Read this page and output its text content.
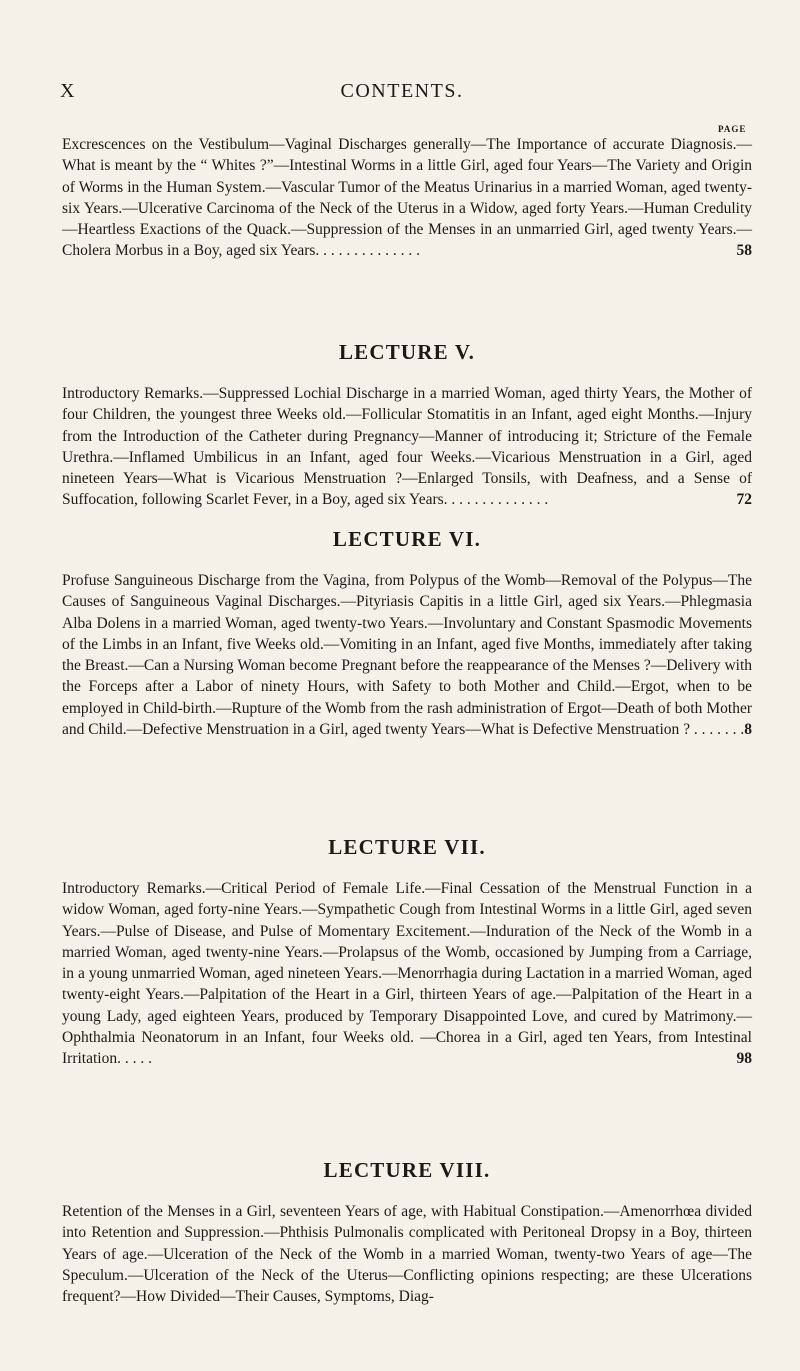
X	CONTENTS.
PAGE

Excrescences on the Vestibulum—Vaginal Discharges generally—The Importance of accurate Diagnosis.—What is meant by the “ Whites ?”—Intestinal Worms in a little Girl, aged four Years—The Variety and Origin of Worms in the Human System.—Vascular Tumor of the Meatus Urinarius in a married Woman, aged twenty-six Years.—Ulcerative Carcinoma of the Neck of the Uterus in a Widow, aged forty Years.—Human Credulity—Heartless Exactions of the Quack.—Suppression of the Menses in an unmarried Girl, aged twenty Years.—Cholera Morbus in a Boy, aged six Years. . . . . . . . . . . . . .	58

LECTURE V.

Introductory Remarks.—Suppressed Lochial Discharge in a married Woman, aged thirty Years, the Mother of four Children, the youngest three Weeks old.—Follicular Stomatitis in an Infant, aged eight Months.—Injury from the Introduction of the Catheter during Pregnancy—Manner of introducing it; Stricture of the Female Urethra.—Inflamed Umbilicus in an Infant, aged four Weeks.—Vicarious Menstruation in a Girl, aged nineteen Years—What is Vicarious Menstruation ?—Enlarged Tonsils, with Deafness, and a Sense of Suffocation, following Scarlet Fever, in a Boy, aged six Years. . . . . . . . . . . . . .	72

LECTURE VI.

Profuse Sanguineous Discharge from the Vagina, from Polypus of the Womb—Removal of the Polypus—The Causes of Sanguineous Vaginal Discharges.—Pityriasis Capitis in a little Girl, aged six Years.—Phlegmasia Alba Dolens in a married Woman, aged twenty-two Years.—Involuntary and Constant Spasmodic Movements of the Limbs in an Infant, five Weeks old.—Vomiting in an Infant, aged five Months, immediately after taking the Breast.—Can a Nursing Woman become Pregnant before the reappearance of the Menses ?—Delivery with the Forceps after a Labor of ninety Hours, with Safety to both Mother and Child.—Ergot, when to be employed in Child-birth.—Rupture of the Womb from the rash administration of Ergot—Death of both Mother and Child.—Defective Menstruation in a Girl, aged twenty Years—What is Defective Menstruation ? . . . . . . . 8

LECTURE VII.

Introductory Remarks.—Critical Period of Female Life.—Final Cessation of the Menstrual Function in a widow Woman, aged forty-nine Years.—Sympathetic Cough from Intestinal Worms in a little Girl, aged seven Years.—Pulse of Disease, and Pulse of Momentary Excitement.—Induration of the Neck of the Womb in a married Woman, aged twenty-nine Years.—Prolapsus of the Womb, occasioned by Jumping from a Carriage, in a young unmarried Woman, aged nineteen Years.—Menorrhagia during Lactation in a married Woman, aged twenty-eight Years.—Palpitation of the Heart in a Girl, thirteen Years of age.—Palpitation of the Heart in a young Lady, aged eighteen Years, produced by Temporary Disappointed Love, and cured by Matrimony.—Ophthalmia Neonatorum in an Infant, four Weeks old. —Chorea in a Girl, aged ten Years, from Intestinal Irritation. . . . .	98

LECTURE VIII.

Retention of the Menses in a Girl, seventeen Years of age, with Habitual Constipation.—Amenorrhœa divided into Retention and Suppression.—Phthisis Pulmonalis complicated with Peritoneal Dropsy in a Boy, thirteen Years of age.—Ulceration of the Neck of the Womb in a married Woman, twenty-two Years of age—The Speculum.—Ulceration of the Neck of the Uterus—Conflicting opinions respecting; are these Ulcerations frequent?—How Divided—Their Causes, Symptoms, Diag-
